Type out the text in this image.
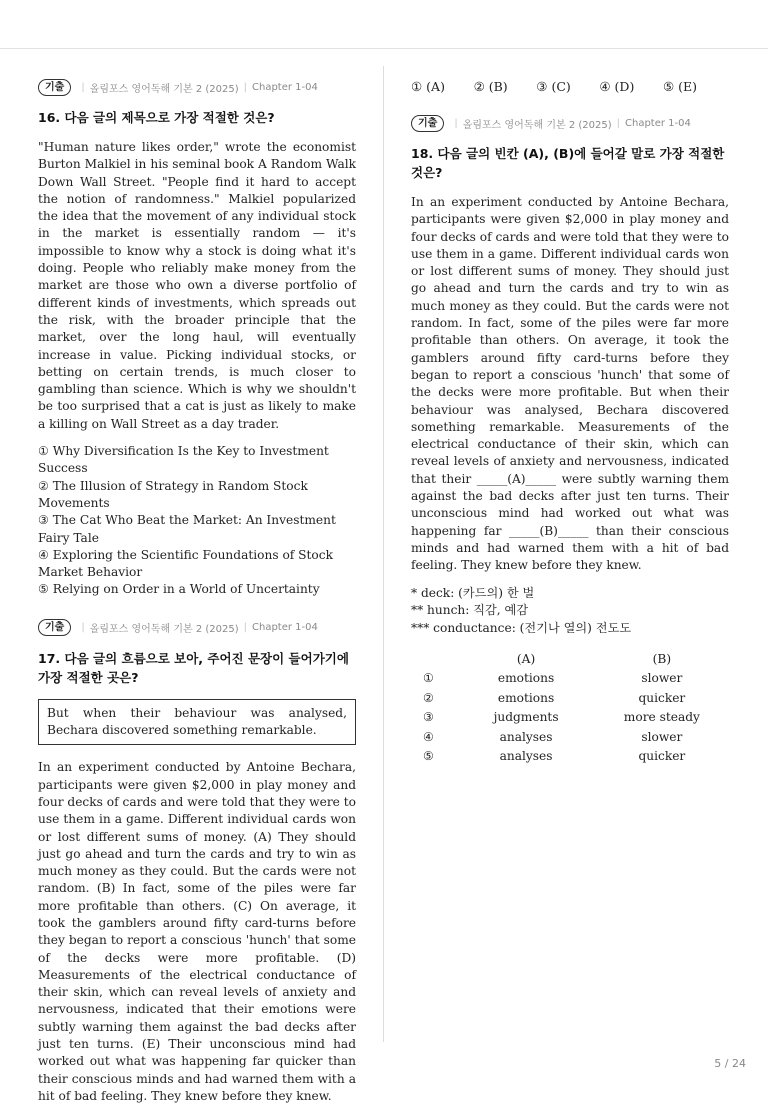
기출	| 올림포스 영어독해 기본 2 (2025) | Chapter 1-04
16. 다음 글의 제목으로 가장 적절한 것은?

"Human nature likes order," wrote the economist Burton Malkiel in his seminal book A Random Walk Down Wall Street. "People find it hard to accept the notion of randomness." Malkiel popularized the idea that the movement of any individual stock in the market is essentially random — it's impossible to know why a stock is doing what it's doing. People who reliably make money from the market are those who own a diverse portfolio of different kinds of investments, which spreads out the risk, with the broader principle that the market, over the long haul, will eventually increase in value. Picking individual stocks, or betting on certain trends, is much closer to gambling than science. Which is why we shouldn't be too surprised that a cat is just as likely to make a killing on Wall Street as a day trader.

① Why Diversification Is the Key to Investment Success
② The Illusion of Strategy in Random Stock Movements
③ The Cat Who Beat the Market: An Investment Fairy Tale
④ Exploring the Scientific Foundations of Stock Market Behavior
⑤ Relying on Order in a World of Uncertainty
기출	| 올림포스 영어독해 기본 2 (2025) | Chapter 1-04
17. 다음 글의 흐름으로 보아, 주어진 문장이 들어가기에 가장 적절한 곳은?
But when their behaviour was analysed, Bechara discovered something remarkable.

In an experiment conducted by Antoine Bechara, participants were given $2,000 in play money and four decks of cards and were told that they were to use them in a game. Different individual cards won or lost different sums of money. (A) They should just go ahead and turn the cards and try to win as much money as they could. But the cards were not random. (B) In fact, some of the piles were far more profitable than others. (C) On average, it took the gamblers around fifty card-turns before they began to report a conscious 'hunch' that some of the decks were more profitable. (D) Measurements of the electrical conductance of their skin, which can reveal levels of anxiety and nervousness, indicated that their emotions were subtly warning them against the bad decks after just ten turns. (E) Their unconscious mind had worked out what was happening far quicker than their conscious minds and had warned them with a hit of bad feeling. They knew before they knew.

① (A) ② (B) ③ (C) ④ (D) ⑤ (E)
기출	| 올림포스 영어독해 기본 2 (2025) | Chapter 1-04
18. 다음 글의 빈칸 (A), (B)에 들어갈 말로 가장 적절한 것은?

In an experiment conducted by Antoine Bechara, participants were given $2,000 in play money and four decks of cards and were told that they were to use them in a game. Different individual cards won or lost different sums of money. They should just go ahead and turn the cards and try to win as much money as they could. But the cards were not random. In fact, some of the piles were far more profitable than others. On average, it took the gamblers around fifty card-turns before they began to report a conscious 'hunch' that some of the decks were more profitable. But when their behaviour was analysed, Bechara discovered something remarkable. Measurements of the electrical conductance of their skin, which can reveal levels of anxiety and nervousness, indicated that their _____(A)_____ were subtly warning them against the bad decks after just ten turns. Their unconscious mind had worked out what was happening far _____(B)_____ than their conscious minds and had warned them with a hit of bad feeling. They knew before they knew.

* deck: (카드의) 한 벌
** hunch: 직감, 예감
*** conductance: (전기나 열의) 전도도
	(A)	(B)
①	emotions	slower
②	emotions	quicker
③	judgments	more steady
④	analyses	slower
⑤	analyses	quicker
5 / 24
